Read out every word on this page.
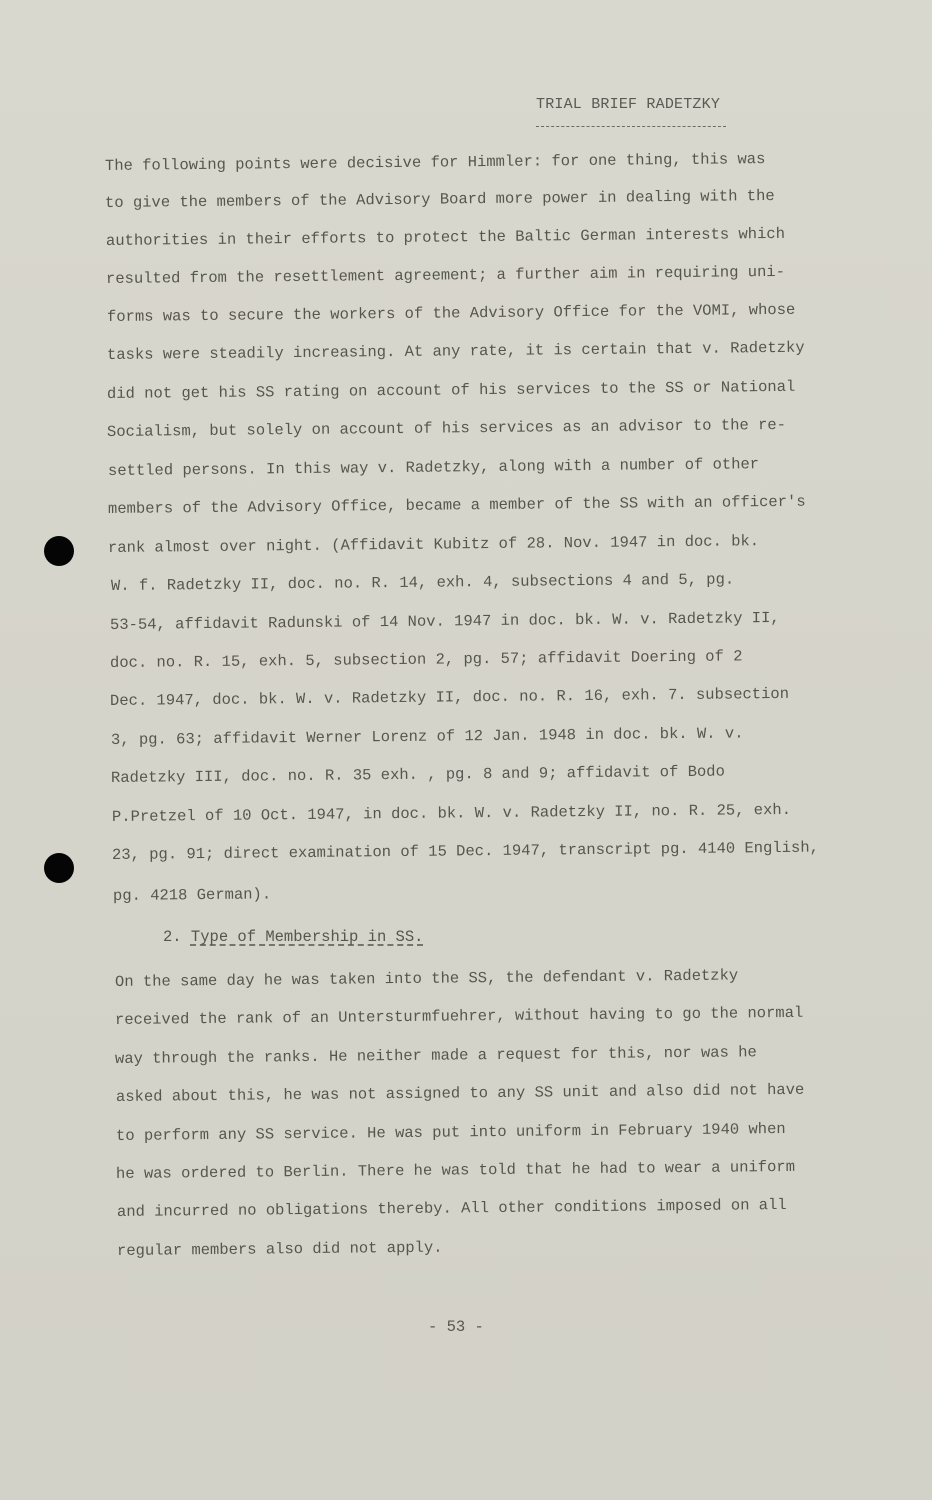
TRIAL BRIEF RADETZKY
The following points were decisive for Himmler: for one thing, this was
to give the members of the Advisory Board more power in dealing with the
authorities in their efforts to protect the Baltic German interests which
resulted from the resettlement agreement; a further aim in requiring uni-
forms was to secure the workers of the Advisory Office for the VOMI, whose
tasks were steadily increasing. At any rate, it is certain that v. Radetzky
did not get his SS rating on account of his services to the SS or National
Socialism, but solely on account of his services as an advisor to the re-
settled persons. In this way v. Radetzky, along with a number of other
members of the Advisory Office, became a member of the SS with an officer's
rank almost over night. (Affidavit Kubitz of 28. Nov. 1947 in doc. bk.
W. f. Radetzky II, doc. no. R. 14, exh. 4, subsections 4 and 5, pg.
53-54, affidavit Radunski of 14 Nov. 1947 in doc. bk. W. v. Radetzky II,
doc. no. R. 15, exh. 5, subsection 2, pg. 57; affidavit Doering of 2
Dec. 1947, doc. bk. W. v. Radetzky II, doc. no. R. 16, exh. 7. subsection
3, pg. 63; affidavit Werner Lorenz of 12 Jan. 1948 in doc. bk. W. v.
Radetzky III, doc. no. R. 35 exh. , pg. 8 and 9; affidavit of Bodo
P.Pretzel of 10 Oct. 1947, in doc. bk. W. v. Radetzky II, no. R. 25, exh.
23, pg. 91; direct examination of 15 Dec. 1947, transcript pg. 4140 English,
pg. 4218 German).
2. Type of Membership in SS.
On the same day he was taken into the SS, the defendant v. Radetzky
received the rank of an Untersturmfuehrer, without having to go the normal
way through the ranks. He neither made a request for this, nor was he
asked about this, he was not assigned to any SS unit and also did not have
to perform any SS service. He was put into uniform in February 1940 when
he was ordered to Berlin. There he was told that he had to wear a uniform
and incurred no obligations thereby. All other conditions imposed on all
regular members also did not apply.
- 53 -
